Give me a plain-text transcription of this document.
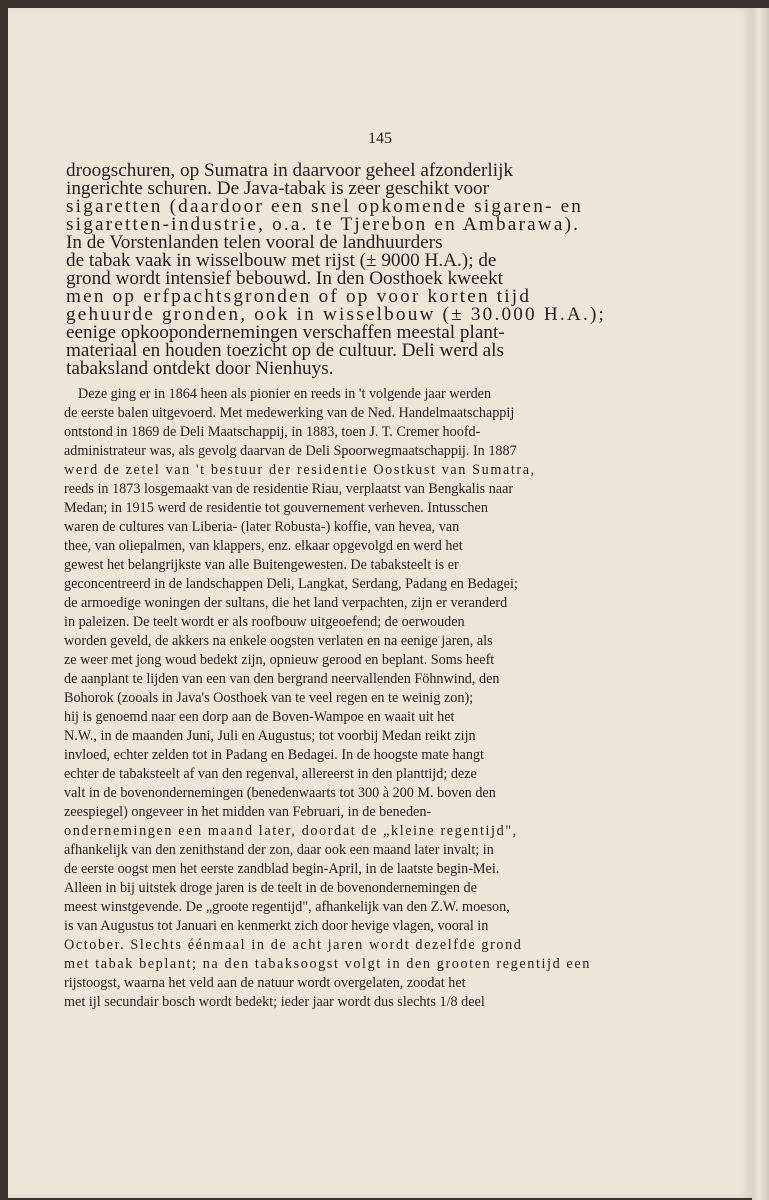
145
droogschuren, op Sumatra in daarvoor geheel afzonderlijk
ingerichte schuren. De Java-tabak is zeer geschikt voor
sigaretten (daardoor een snel opkomende sigaren- en
sigaretten-industrie, o.a. te Tjerebon en Ambarawa).
In de Vorstenlanden telen vooral de landhuurders
de tabak vaak in wisselbouw met rijst (± 9000 H.A.); de
grond wordt intensief bebouwd. In den Oosthoek kweekt
men op erfpachtsgronden of op voor korten tijd
gehuurde gronden, ook in wisselbouw (± 30.000 H.A.);
eenige opkoopondernemingen verschaffen meestal plant-
materiaal en houden toezicht op de cultuur. Deli werd als
tabaksland ontdekt door Nienhuys.
Deze ging er in 1864 heen als pionier en reeds in 't volgende jaar werden
de eerste balen uitgevoerd. Met medewerking van de Ned. Handelmaatschappij
ontstond in 1869 de Deli Maatschappij, in 1883, toen J. T. Cremer hoofd-
administrateur was, als gevolg daarvan de Deli Spoorwegmaatschappij. In 1887
werd de zetel van 't bestuur der residentie Oostkust van Sumatra,
reeds in 1873 losgemaakt van de residentie Riau, verplaatst van Bengkalis naar
Medan; in 1915 werd de residentie tot gouvernement verheven. Intusschen
waren de cultures van Liberia- (later Robusta-) koffie, van hevea, van
thee, van oliepalmen, van klappers, enz. elkaar opgevolgd en werd het
gewest het belangrijkste van alle Buitengewesten. De tabaksteelt is er
geconcentreerd in de landschappen Deli, Langkat, Serdang, Padang en Bedagei;
de armoedige woningen der sultans, die het land verpachten, zijn er veranderd
in paleizen. De teelt wordt er als roofbouw uitgeoefend; de oerwouden
worden geveld, de akkers na enkele oogsten verlaten en na eenige jaren, als
ze weer met jong woud bedekt zijn, opnieuw gerood en beplant. Soms heeft
de aanplant te lijden van een van den bergrand neervallenden Föhnwind, den
Bohorok (zooals in Java's Oosthoek van te veel regen en te weinig zon);
hij is genoemd naar een dorp aan de Boven-Wampoe en waait uit het
N.W., in de maanden Juni, Juli en Augustus; tot voorbij Medan reikt zijn
invloed, echter zelden tot in Padang en Bedagei. In de hoogste mate hangt
echter de tabaksteelt af van den regenval, allereerst in den planttijd; deze
valt in de bovenondernemingen (benedenwaarts tot 300 à 200 M. boven den
zeespiegel) ongeveer in het midden van Februari, in de beneden-
ondernemingen een maand later, doordat de „kleine regentijd",
afhankelijk van den zenithstand der zon, daar ook een maand later invalt; in
de eerste oogst men het eerste zandblad begin-April, in de laatste begin-Mei.
Alleen in bij uitstek droge jaren is de teelt in de bovenondernemingen de
meest winstgevende. De „groote regentijd", afhankelijk van den Z.W. moeson,
is van Augustus tot Januari en kenmerkt zich door hevige vlagen, vooral in
October. Slechts éénmaal in de acht jaren wordt dezelfde grond
met tabak beplant; na den tabaksoogst volgt in den grooten regentijd een
rijstoogst, waarna het veld aan de natuur wordt overgelaten, zoodat het
met ijl secundair bosch wordt bedekt; ieder jaar wordt dus slechts 1/8 deel
